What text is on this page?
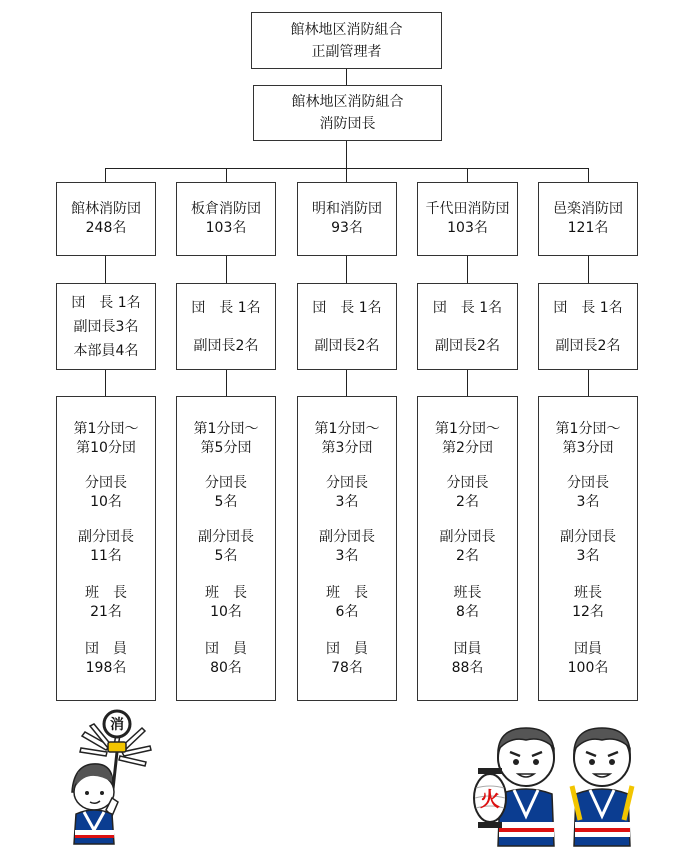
館林地区消防組合
正副管理者
館林地区消防組合
消防団長
館林消防団
248名
板倉消防団
103名
明和消防団
93名
千代田消防団
103名
邑楽消防団
121名
団　長 1名
副団長3名
本部員4名
団　長 1名
副団長2名
団　長 1名
副団長2名
団　長 1名
副団長2名
団　長 1名
副団長2名
第1分団～
第10分団
分団長
10名
副分団長
11名
班　長
21名
団　員
198名
第1分団～
第5分団
分団長
5名
副分団長
5名
班　長
10名
団　員
80名
第1分団～
第3分団
分団長
3名
副分団長
3名
班　長
6名
団　員
78名
第1分団～
第2分団
分団長
2名
副分団長
2名
班長
8名
団員
88名
第1分団～
第3分団
分団長
3名
副分団長
3名
班長
12名
団員
100名
消
火
